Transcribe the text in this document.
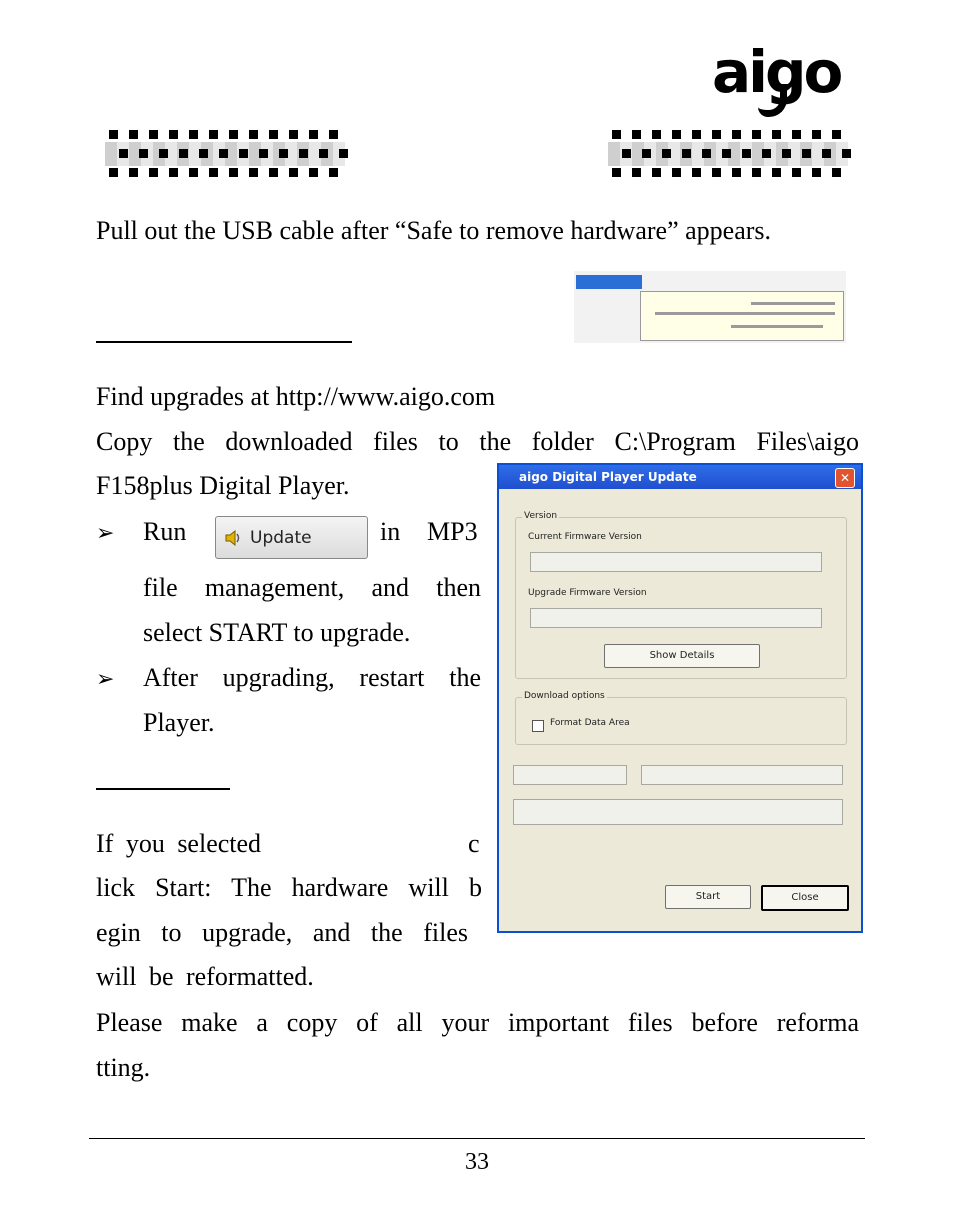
aigo
Pull out the USB cable after “Safe to remove hardware” appears.
Find upgrades at http://www.aigo.com
Copy the downloaded files to the folder C:\Program Files\aigo
F158plus Digital Player.
➢ Run	Update	in MP3
file management, and then
select START to upgrade.
➢ After upgrading, restart the
Player.
If you selected	c
lick Start: The hardware will b
egin to upgrade, and the files
will be reformatted.
Please make a copy of all your important files before reforma
tting.
aigo Digital Player Update	✕
Version
Current Firmware Version
Upgrade Firmware Version
Show Details
Download options
Format Data Area
Start	Close
33
